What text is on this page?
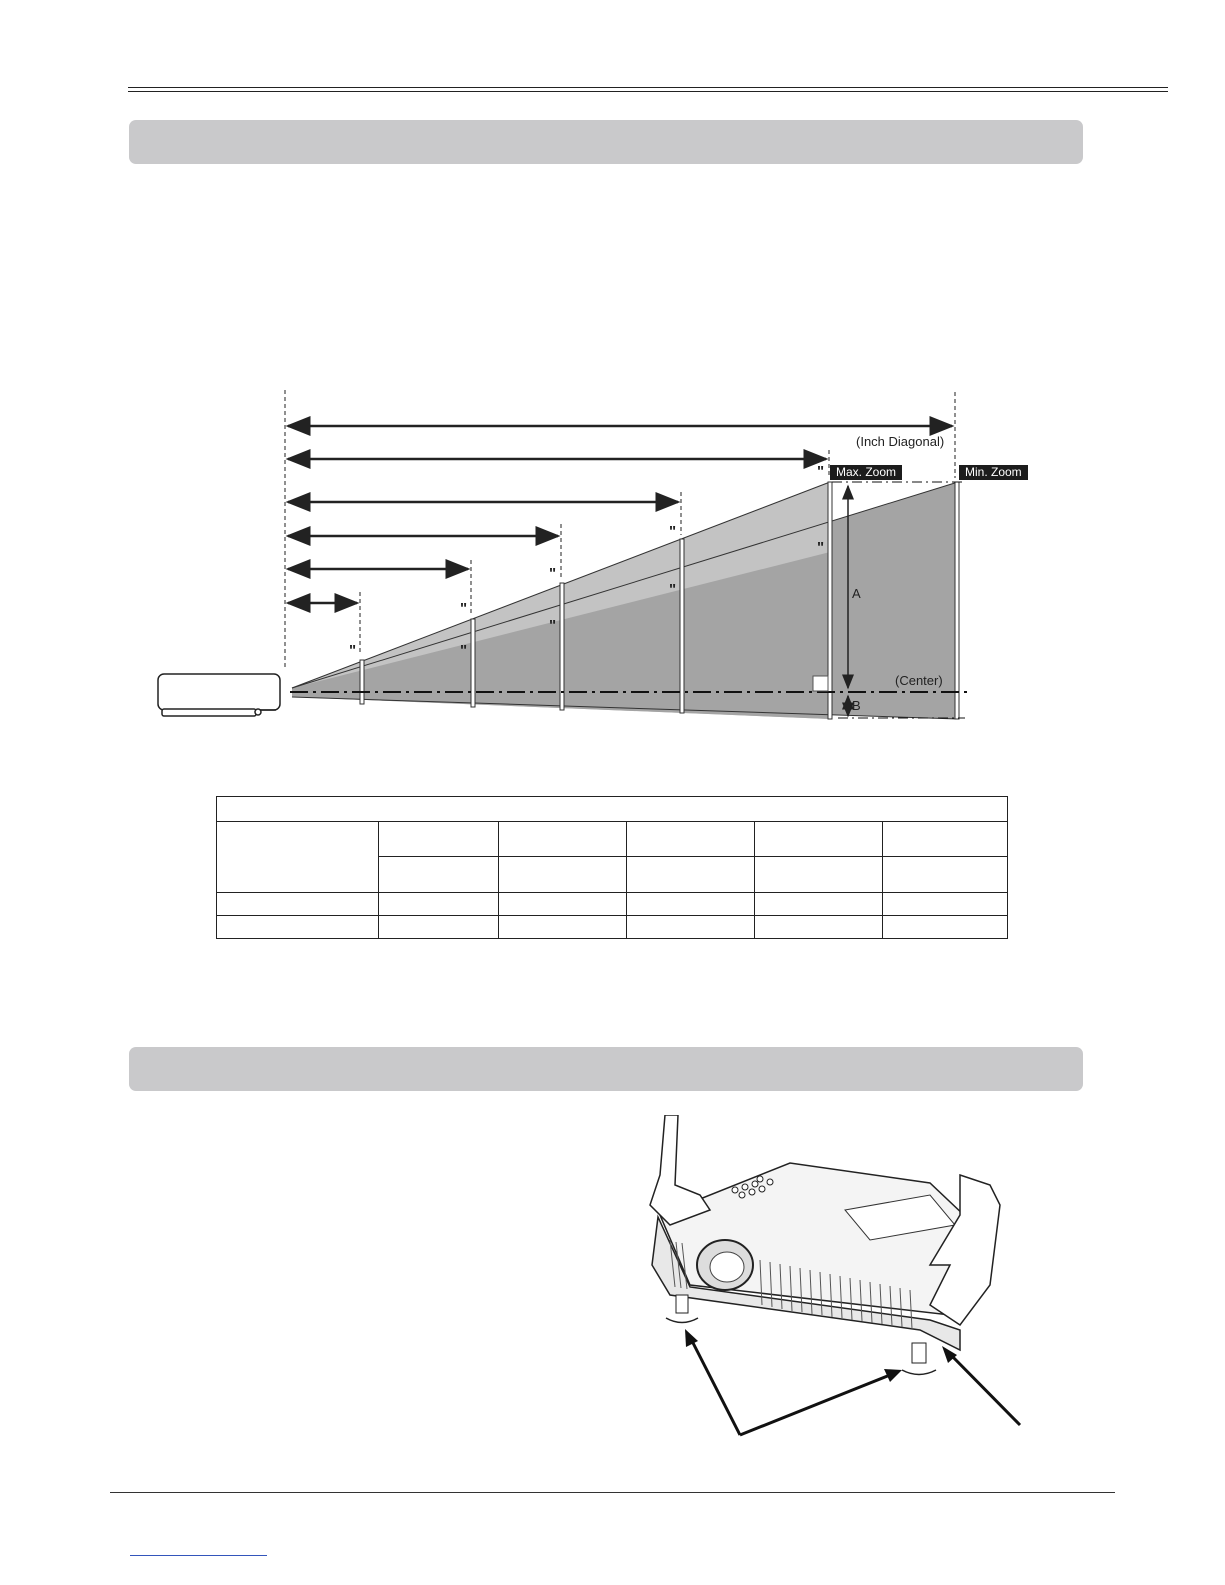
A
B
"
"
"
"
"
"
"
"
"
(Inch Diagonal)
Max. Zoom	Min. Zoom
(Center)
